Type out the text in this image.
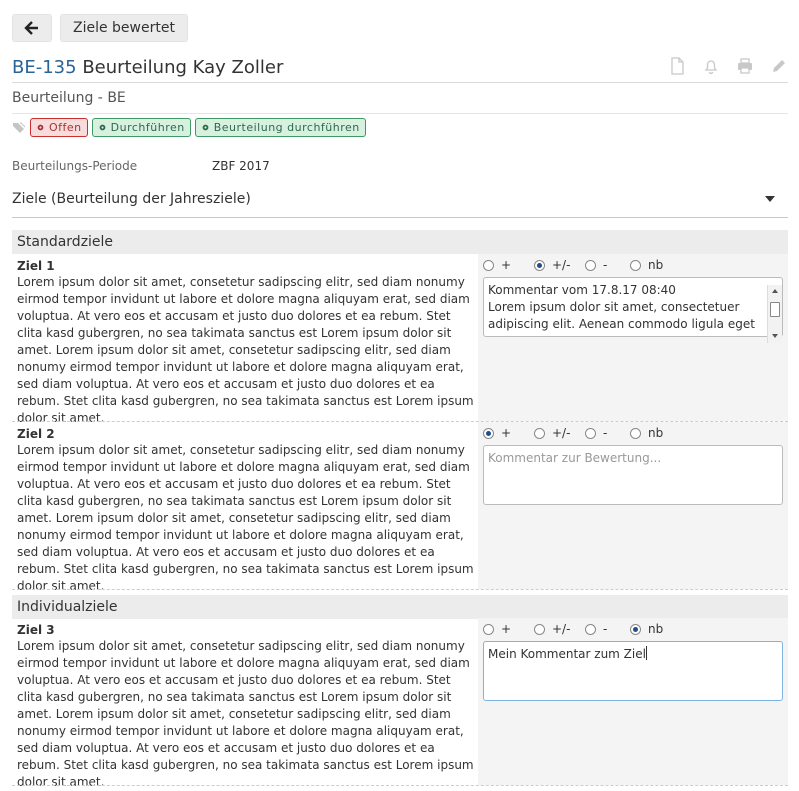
Ziele bewertet
BE-135 Beurteilung Kay Zoller
Beurteilung - BE
Offen	Durchführen	Beurteilung durchführen
Beurteilungs-Periode	ZBF 2017
Ziele (Beurteilung der Jahresziele)
Standardziele
Ziel 1
Lorem ipsum dolor sit amet, consetetur sadipscing elitr, sed diam nonumy eirmod tempor invidunt ut labore et dolore magna aliquyam erat, sed diam voluptua. At vero eos et accusam et justo duo dolores et ea rebum. Stet clita kasd gubergren, no sea takimata sanctus est Lorem ipsum dolor sit amet. Lorem ipsum dolor sit amet, consetetur sadipscing elitr, sed diam nonumy eirmod tempor invidunt ut labore et dolore magna aliquyam erat, sed diam voluptua. At vero eos et accusam et justo duo dolores et ea rebum. Stet clita kasd gubergren, no sea takimata sanctus est Lorem ipsum dolor sit amet.
+	+/-	-	nb
Kommentar vom 17.8.17 08:40
Lorem ipsum dolor sit amet, consectetuer adipiscing elit. Aenean commodo ligula eget
Ziel 2
Lorem ipsum dolor sit amet, consetetur sadipscing elitr, sed diam nonumy eirmod tempor invidunt ut labore et dolore magna aliquyam erat, sed diam voluptua. At vero eos et accusam et justo duo dolores et ea rebum. Stet clita kasd gubergren, no sea takimata sanctus est Lorem ipsum dolor sit amet. Lorem ipsum dolor sit amet, consetetur sadipscing elitr, sed diam nonumy eirmod tempor invidunt ut labore et dolore magna aliquyam erat, sed diam voluptua. At vero eos et accusam et justo duo dolores et ea rebum. Stet clita kasd gubergren, no sea takimata sanctus est Lorem ipsum dolor sit amet.
+	+/-	-	nb
Kommentar zur Bewertung...
Individualziele
Ziel 3
Lorem ipsum dolor sit amet, consetetur sadipscing elitr, sed diam nonumy eirmod tempor invidunt ut labore et dolore magna aliquyam erat, sed diam voluptua. At vero eos et accusam et justo duo dolores et ea rebum. Stet clita kasd gubergren, no sea takimata sanctus est Lorem ipsum dolor sit amet. Lorem ipsum dolor sit amet, consetetur sadipscing elitr, sed diam nonumy eirmod tempor invidunt ut labore et dolore magna aliquyam erat, sed diam voluptua. At vero eos et accusam et justo duo dolores et ea rebum. Stet clita kasd gubergren, no sea takimata sanctus est Lorem ipsum dolor sit amet.
+	+/-	-	nb
Mein Kommentar zum Ziel
